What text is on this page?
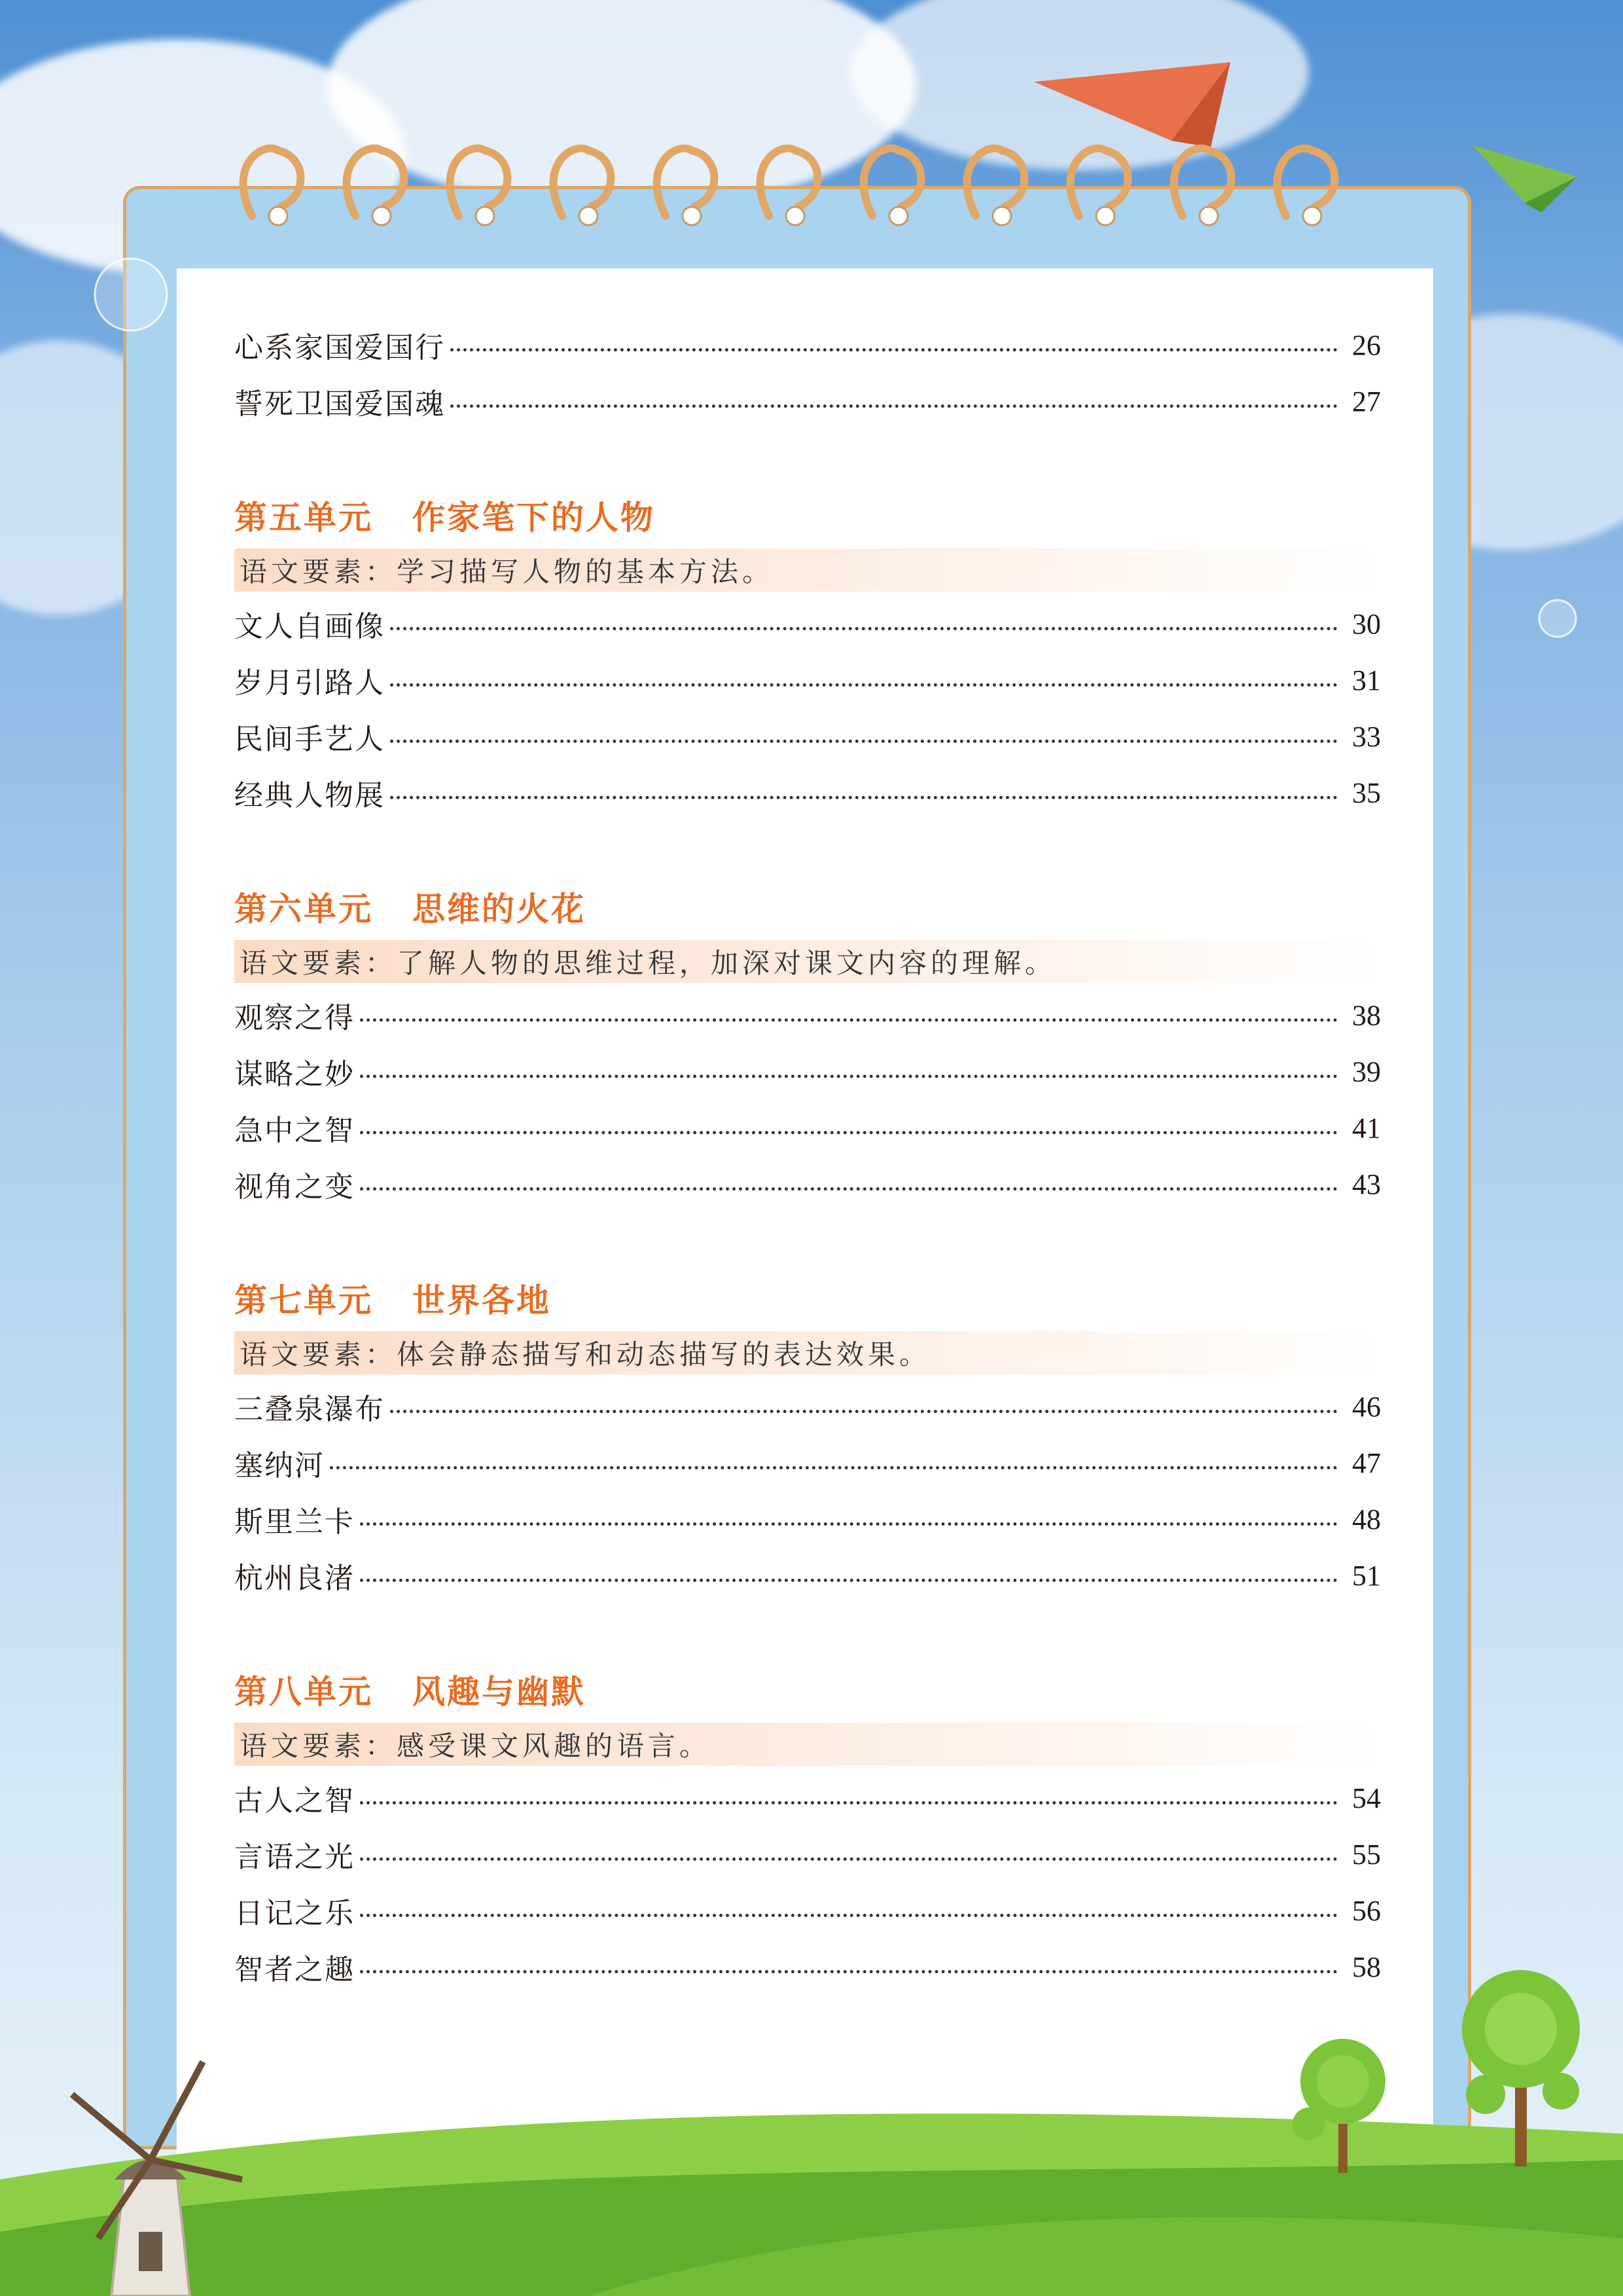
心系家国爱国行	26
誓死卫国爱国魂	27
第五单元 作家笔下的人物
语文要素：学习描写人物的基本方法。
文人自画像	30
岁月引路人	31
民间手艺人	33
经典人物展	35
第六单元 思维的火花
语文要素：了解人物的思维过程，加深对课文内容的理解。
观察之得	38
谋略之妙	39
急中之智	41
视角之变	43
第七单元 世界各地
语文要素：体会静态描写和动态描写的表达效果。
三叠泉瀑布	46
塞纳河	47
斯里兰卡	48
杭州良渚	51
第八单元 风趣与幽默
语文要素：感受课文风趣的语言。
古人之智	54
言语之光	55
日记之乐	56
智者之趣	58
